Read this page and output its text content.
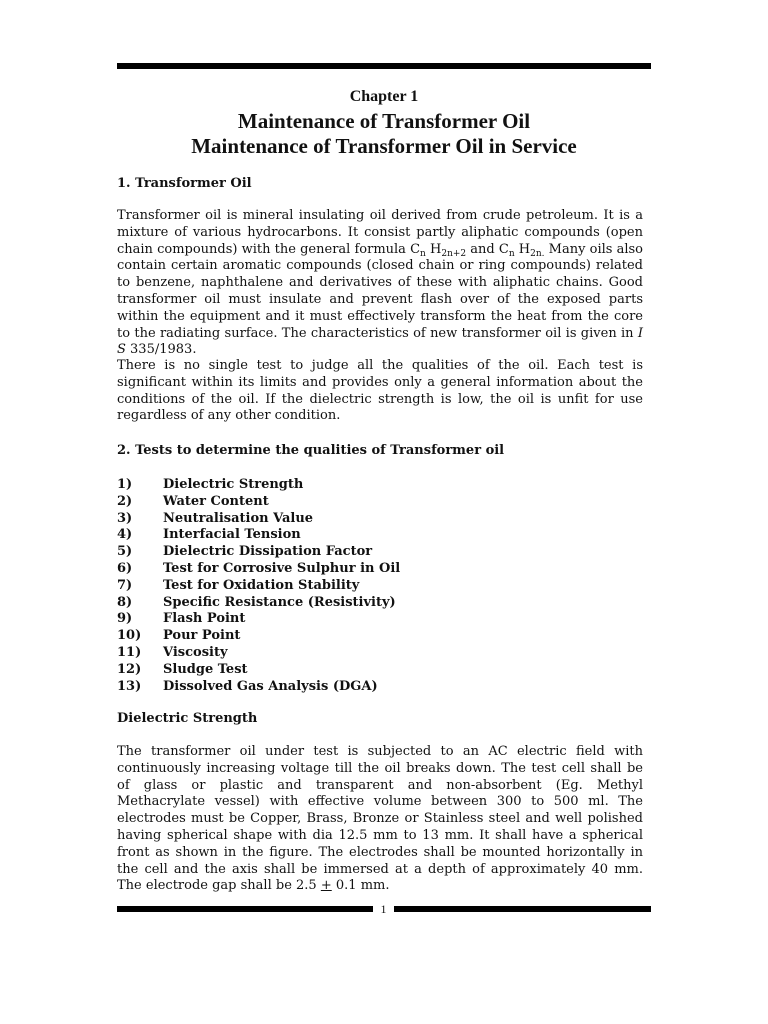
Chapter 1
Maintenance of Transformer Oil
Maintenance of Transformer Oil in Service
1. Transformer Oil
Transformer oil is mineral insulating oil derived from crude petroleum. It is a mixture of various hydrocarbons. It consist partly aliphatic compounds (open chain compounds) with the general formula $C_n$ $H_{2n+2}$ and $C_n$ $H_{2n.}$ Many oils also contain certain aromatic compounds (closed chain or ring compounds) related to benzene, naphthalene and derivatives of these with aliphatic chains. Good transformer oil must insulate and prevent flash over of the exposed parts within the equipment and it must effectively transform the heat from the core to the radiating surface. The characteristics of new transformer oil is given in I S 335/1983.
There is no single test to judge all the qualities of the oil. Each test is significant within its limits and provides only a general information about the conditions of the oil. If the dielectric strength is low, the oil is unfit for use regardless of any other condition.
2. Tests to determine the qualities of Transformer oil
1) Dielectric Strength
2) Water Content
3) Neutralisation Value
4) Interfacial Tension
5) Dielectric Dissipation Factor
6) Test for Corrosive Sulphur in Oil
7) Test for Oxidation Stability
8) Specific Resistance (Resistivity)
9) Flash Point
10) Pour Point
11) Viscosity
12) Sludge Test
13) Dissolved Gas Analysis (DGA)
Dielectric Strength
The transformer oil under test is subjected to an AC electric field with continuously increasing voltage till the oil breaks down. The test cell shall be of glass or plastic and transparent and non-absorbent (Eg. Methyl Methacrylate vessel) with effective volume between 300 to 500 ml. The electrodes must be Copper, Brass, Bronze or Stainless steel and well polished having spherical shape with dia 12.5 mm to 13 mm. It shall have a spherical front as shown in the figure. The electrodes shall be mounted horizontally in the cell and the axis shall be immersed at a depth of approximately 40 mm. The electrode gap shall be 2.5 + 0.1 mm.
1
